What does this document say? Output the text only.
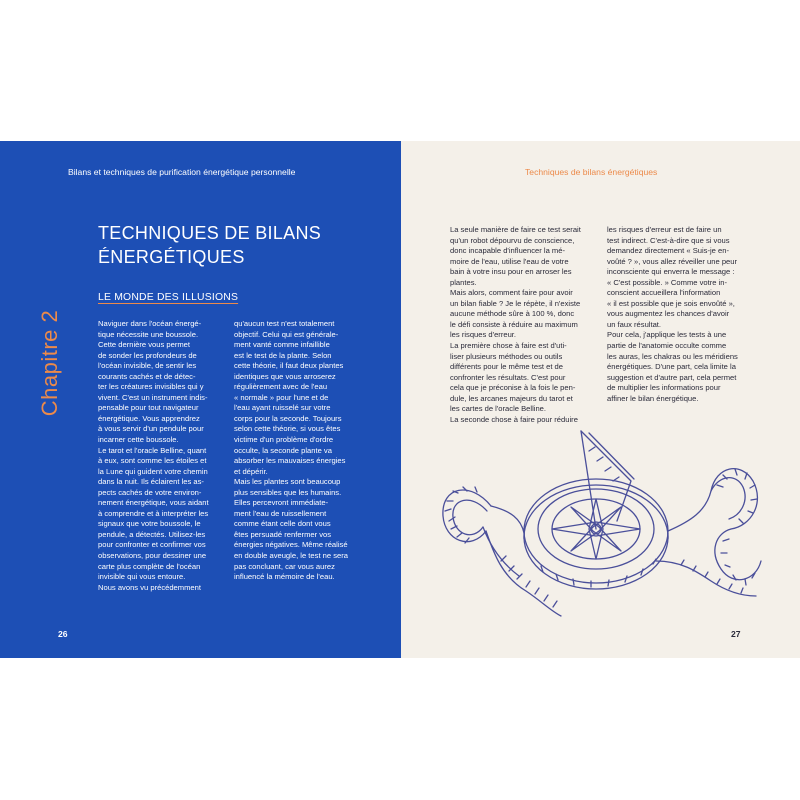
Bilans et techniques de purification énergétique personnelle
Chapitre 2
TECHNIQUES DE BILANS
ÉNERGÉTIQUES
LE MONDE DES ILLUSIONS

Naviguer dans l'océan énergé-

tique nécessite une boussole.

Cette dernière vous permet

de sonder les profondeurs de

l'océan invisible, de sentir les

courants cachés et de détec-

ter les créatures invisibles qui y

vivent. C'est un instrument indis-

pensable pour tout navigateur

énergétique. Vous apprendrez

à vous servir d'un pendule pour

incarner cette boussole.

Le tarot et l'oracle Belline, quant

à eux, sont comme les étoiles et

la Lune qui guident votre chemin

dans la nuit. Ils éclairent les as-

pects cachés de votre environ-

nement énergétique, vous aidant

à comprendre et à interpréter les

signaux que votre boussole, le

pendule, a détectés. Utilisez-les

pour confronter et confirmer vos

observations, pour dessiner une

carte plus complète de l'océan

invisible qui vous entoure.

Nous avons vu précédemment

qu'aucun test n'est totalement

objectif. Celui qui est générale-

ment vanté comme infaillible

est le test de la plante. Selon

cette théorie, il faut deux plantes

identiques que vous arroserez

régulièrement avec de l'eau

« normale » pour l'une et de

l'eau ayant ruisselé sur votre

corps pour la seconde. Toujours

selon cette théorie, si vous êtes

victime d'un problème d'ordre

occulte, la seconde plante va

absorber les mauvaises énergies

et dépérir.

Mais les plantes sont beaucoup

plus sensibles que les humains.

Elles percevront immédiate-

ment l'eau de ruissellement

comme étant celle dont vous

êtes persuadé renfermer vos

énergies négatives. Même réalisé

en double aveugle, le test ne sera

pas concluant, car vous aurez

influencé la mémoire de l'eau.

26
Techniques de bilans énergétiques

La seule manière de faire ce test serait

qu'un robot dépourvu de conscience,

donc incapable d'influencer la mé-

moire de l'eau, utilise l'eau de votre

bain à votre insu pour en arroser les

plantes.

Mais alors, comment faire pour avoir

un bilan fiable ? Je le répète, il n'existe

aucune méthode sûre à 100 %, donc

le défi consiste à réduire au maximum

les risques d'erreur.

La première chose à faire est d'uti-

liser plusieurs méthodes ou outils

différents pour le même test et de

confronter les résultats. C'est pour

cela que je préconise à la fois le pen-

dule, les arcanes majeurs du tarot et

les cartes de l'oracle Belline.

La seconde chose à faire pour réduire

les risques d'erreur est de faire un

test indirect. C'est-à-dire que si vous

demandez directement « Suis-je en-

voûté ? », vous allez réveiller une peur

inconsciente qui enverra le message :

« C'est possible. » Comme votre in-

conscient accueillera l'information

« il est possible que je sois envoûté »,

vous augmentez les chances d'avoir

un faux résultat.

Pour cela, j'applique les tests à une

partie de l'anatomie occulte comme

les auras, les chakras ou les méridiens

énergétiques. D'une part, cela limite la

suggestion et d'autre part, cela permet

de multiplier les informations pour

affiner le bilan énergétique.

27
